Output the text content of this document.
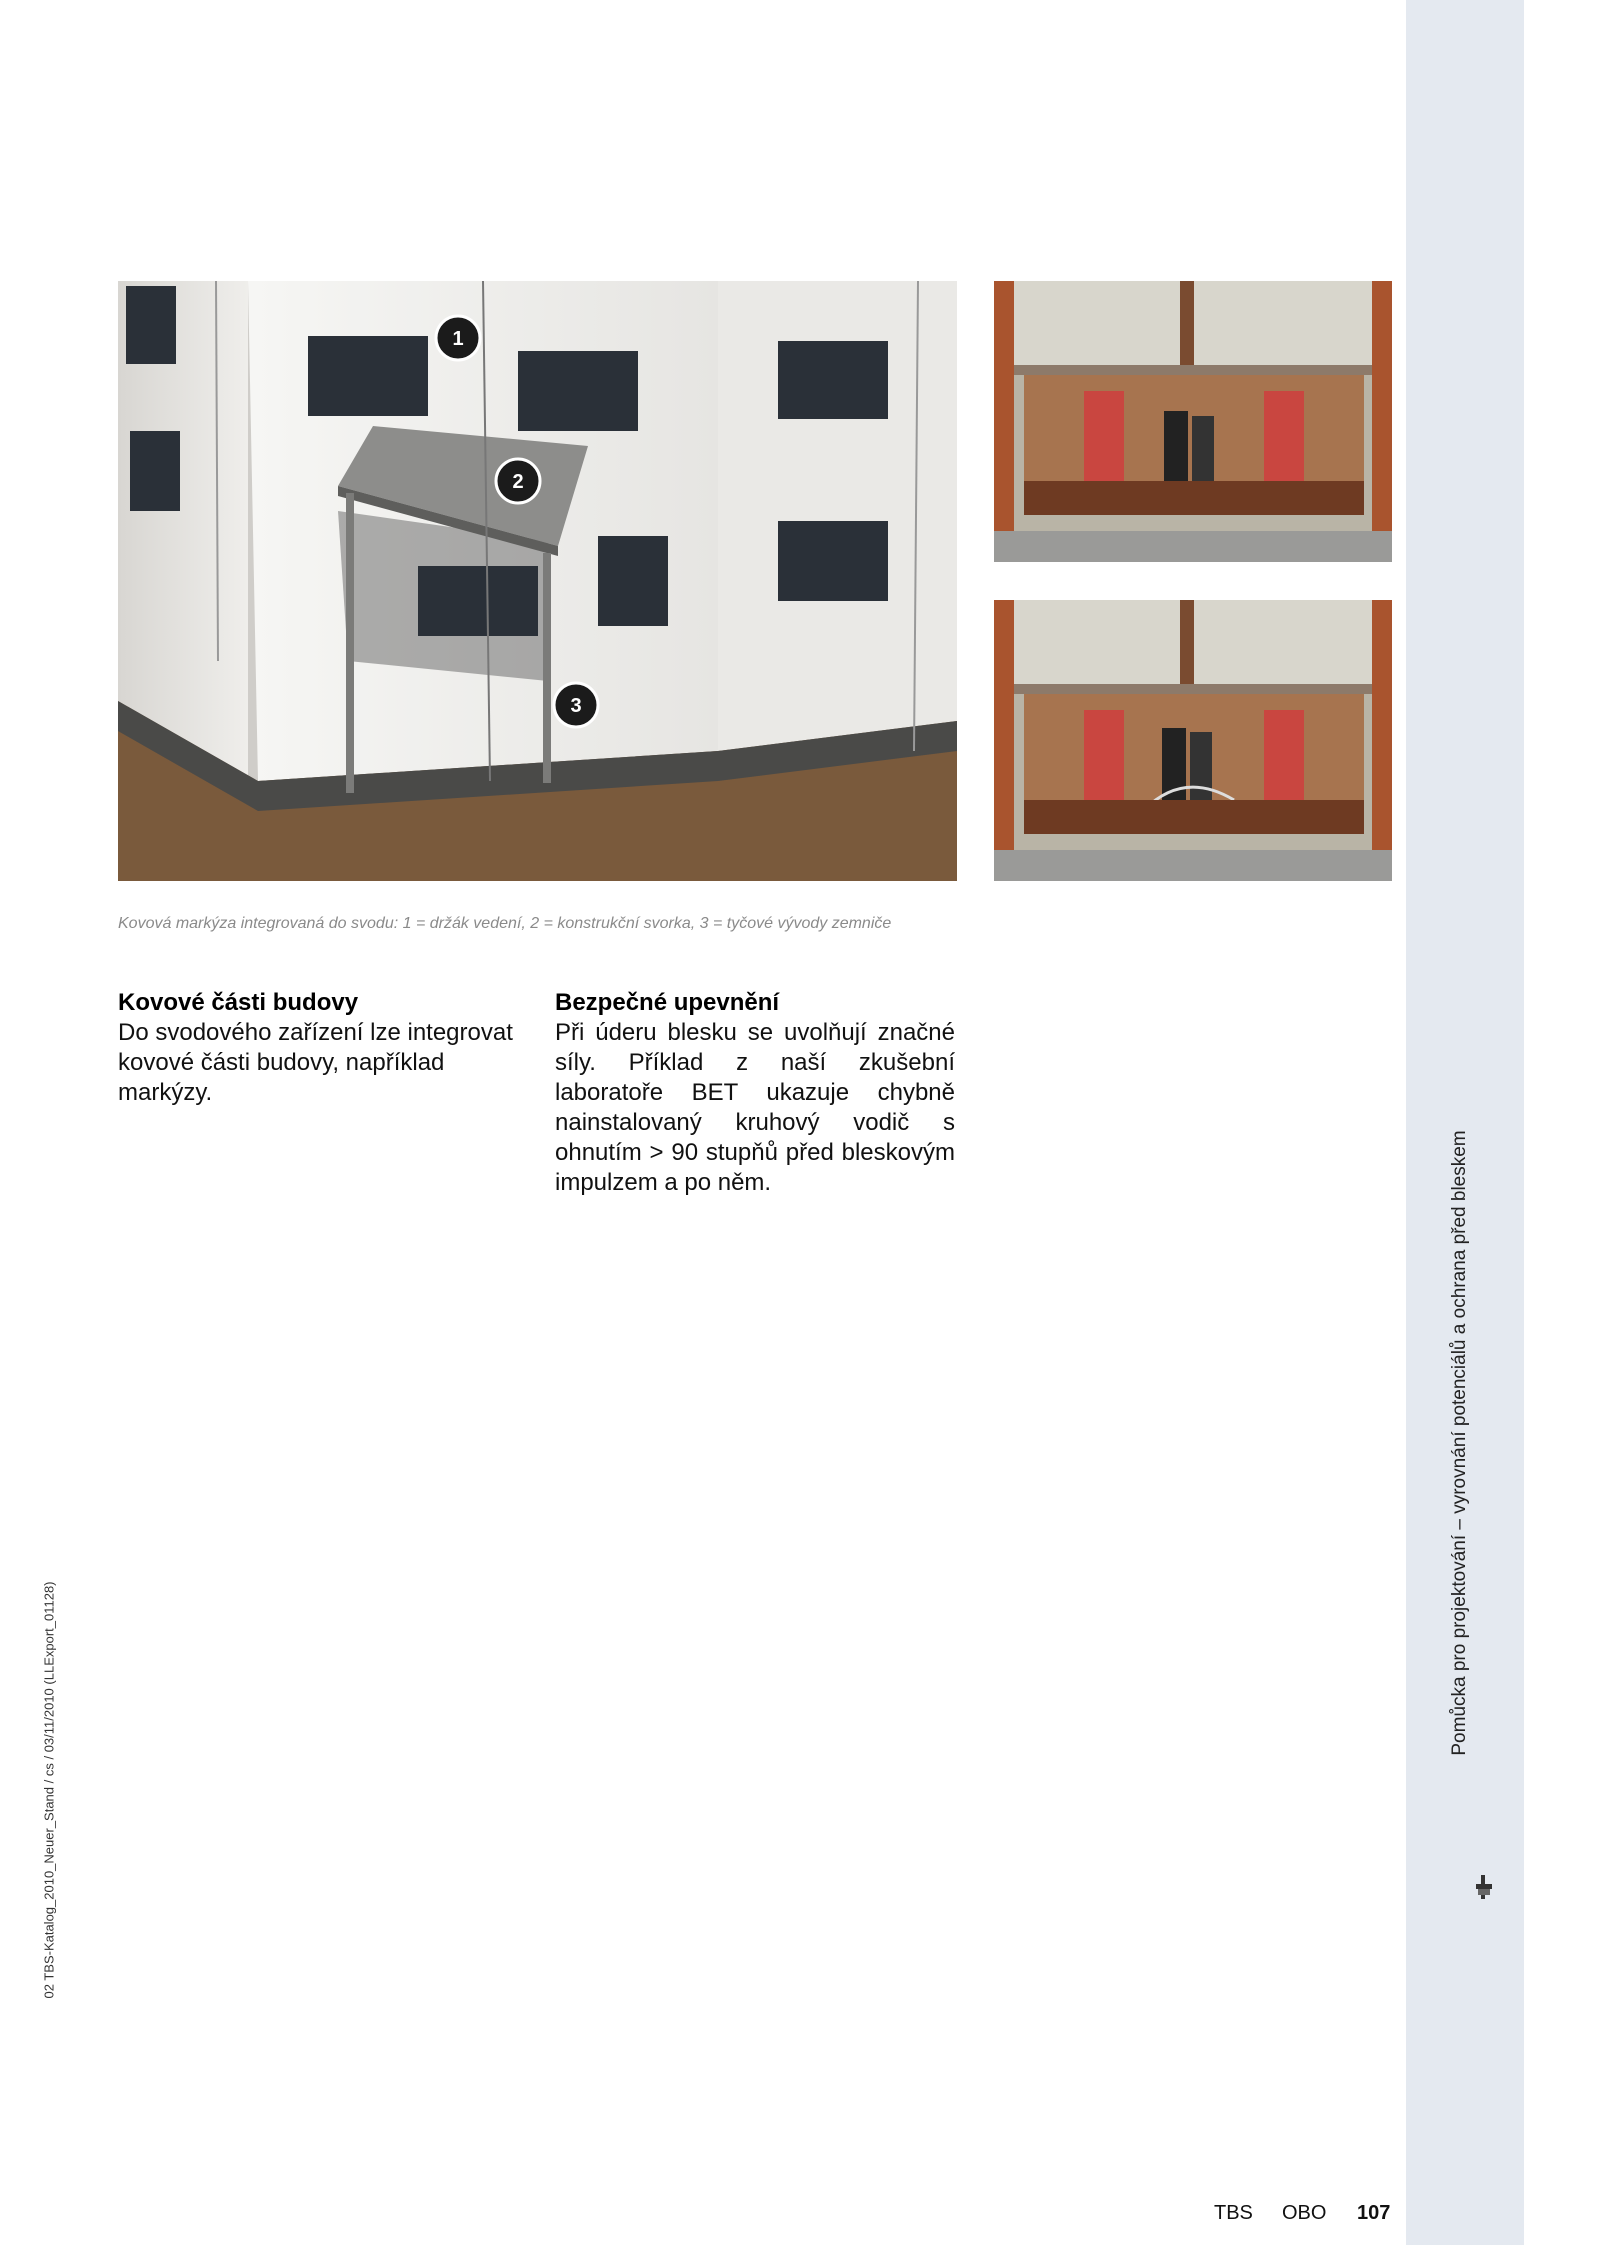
Pomůcka pro projektování – vyrovnání potenciálů a ochrana před bleskem
02 TBS-Katalog_2010_Neuer_Stand / cs / 03/11/2010 (LLExport_01128)
1
2
3
Kovová markýza integrovaná do svodu: 1 = držák vedení, 2 = konstrukční svorka, 3 = tyčové vývody zemniče
Kovové části budovy

Do svodového zařízení lze integrovat kovové části budovy, například markýzy.

Bezpečné upevnění

Při úderu blesku se uvolňují značné síly. Příklad z naší zkušební laboratoře BET ukazuje chybně nainstalovaný kruhový vodič s ohnutím > 90 stupňů před bleskovým impulzem a po něm.

TBS OBO 107
